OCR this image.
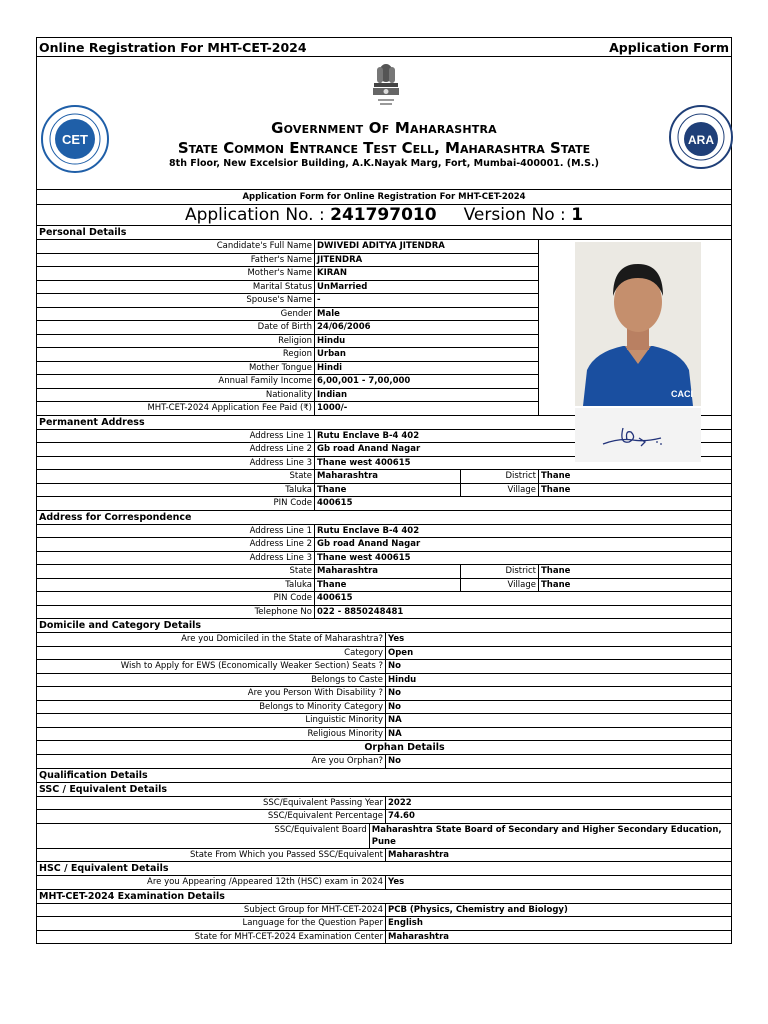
Online Registration For MHT-CET-2024	Application Form
CET	ARA
Government Of Maharashtra
State Common Entrance Test Cell, Maharashtra State
8th Floor, New Excelsior Building, A.K.Nayak Marg, Fort, Mumbai-400001. (M.S.)
Application Form for Online Registration For MHT-CET-2024
Application No. : 241797010 Version No : 1
Personal Details
Candidate's Full Name DWIVEDI ADITYA JITENDRA
Father's Name JITENDRA
Mother's Name KIRAN
Marital Status UnMarried
Spouse's Name -
Gender Male
Date of Birth 24/06/2006
Religion Hindu
Region Urban
Mother Tongue Hindi
Annual Family Income 6,00,001 - 7,00,000
Nationality Indian
MHT-CET-2024 Application Fee Paid (₹) 1000/-
CACI
Permanent Address
Address Line 1 Rutu Enclave B-4 402
Address Line 2 Gb road Anand Nagar
Address Line 3 Thane west 400615
State Maharashtra	District Thane
Taluka Thane	Village Thane
PIN Code 400615
Address for Correspondence
Address Line 1 Rutu Enclave B-4 402
Address Line 2 Gb road Anand Nagar
Address Line 3 Thane west 400615
State Maharashtra	District Thane
Taluka Thane	Village Thane
PIN Code 400615
Telephone No 022 - 8850248481
Domicile and Category Details
Are you Domiciled in the State of Maharashtra? Yes
Category Open
Wish to Apply for EWS (Economically Weaker Section) Seats ? No
Belongs to Caste Hindu
Are you Person With Disability ? No
Belongs to Minority Category No
Linguistic Minority NA
Religious Minority NA
Orphan Details
Are you Orphan? No
Qualification Details
SSC / Equivalent Details
SSC/Equivalent Passing Year 2022
SSC/Equivalent Percentage 74.60
SSC/Equivalent Board Maharashtra State Board of Secondary and Higher Secondary Education, Pune
State From Which you Passed SSC/Equivalent Maharashtra
HSC / Equivalent Details
Are you Appearing /Appeared 12th (HSC) exam in 2024 Yes
MHT-CET-2024 Examination Details
Subject Group for MHT-CET-2024 PCB (Physics, Chemistry and Biology)
Language for the Question Paper English
State for MHT-CET-2024 Examination Center Maharashtra
